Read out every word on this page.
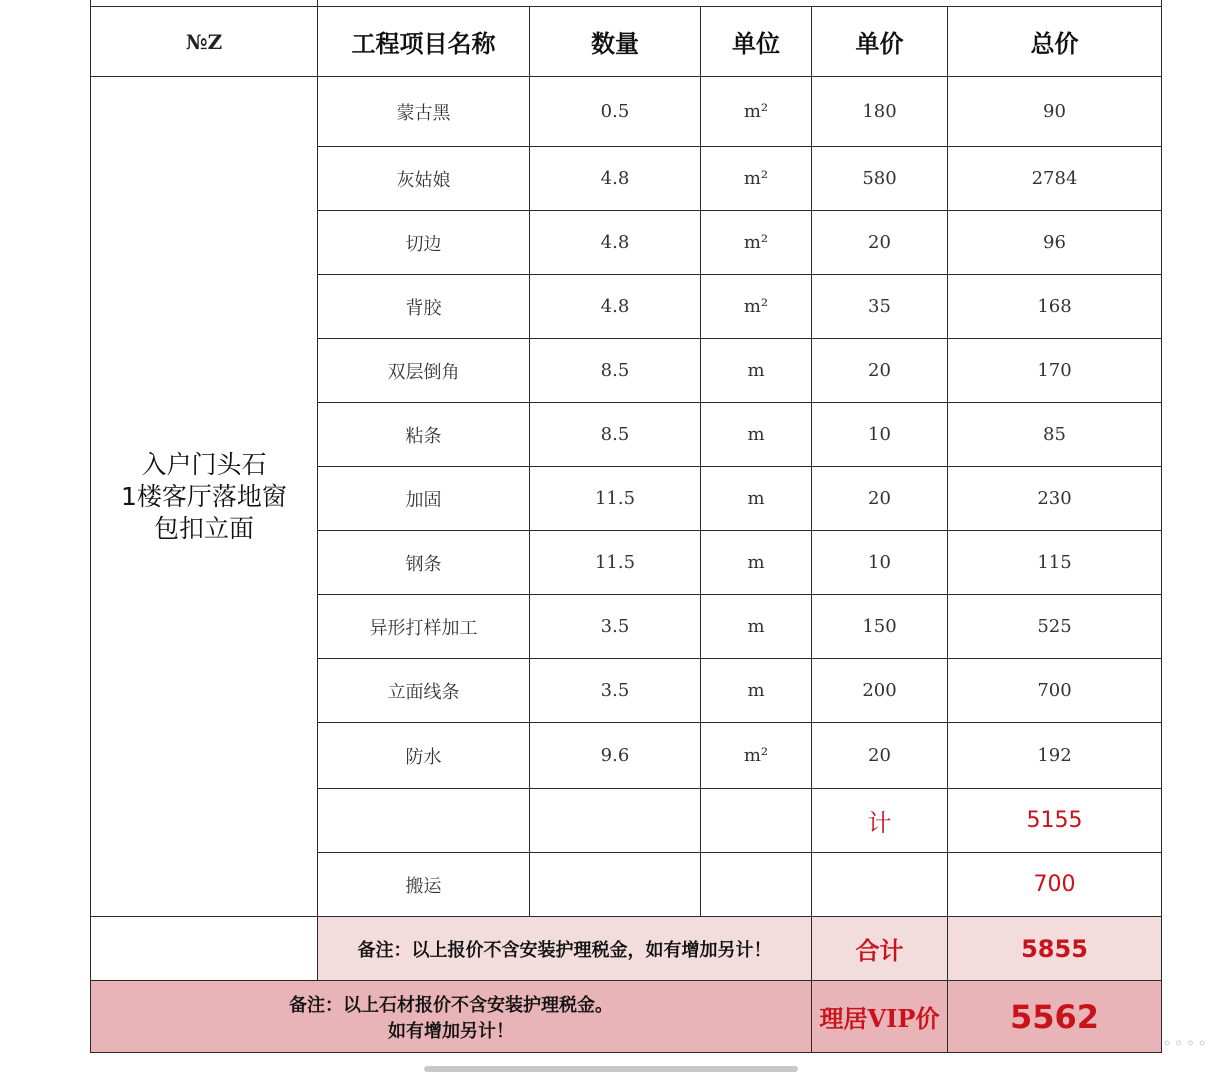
№Z	工程项目名称	数量	单位	单价	总价

入户门头石
1楼客厅落地窗
包扣立面	蒙古黑	0.5	m²	180	90
	灰姑娘	4.8	m²	580	2784
	切边	4.8	m²	20	96
	背胶	4.8	m²	35	168
	双层倒角	8.5	m	20	170
	粘条	8.5	m	10	85
	加固	11.5	m	20	230
	钢条	11.5	m	10	115
	异形打样加工	3.5	m	150	525
	立面线条	3.5	m	200	700
	防水	9.6	m²	20	192
				计	5155
	搬运				700
	备注：以上报价不含安装护理税金，如有增加另计！			合计	5855

备注：以上石材报价不含安装护理税金。
如有增加另计！				理居VIP价	5562
⚬⚬⚬⚬
